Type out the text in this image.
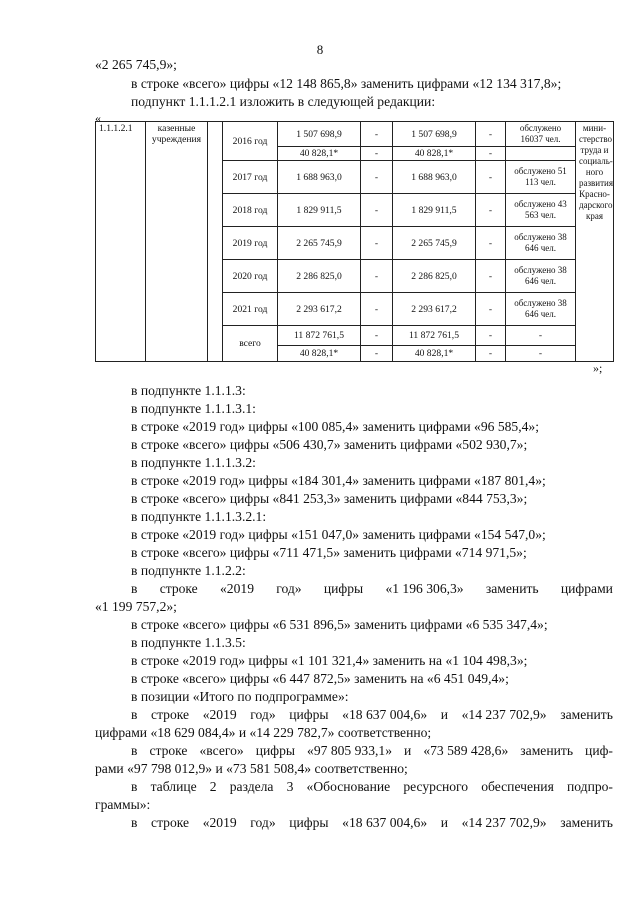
8
«2 265 745,9»;
в строке «всего» цифры «12 148 865,8» заменить цифрами «12 134 317,8»;
подпункт 1.1.1.2.1 изложить в следующей редакции:
«
1.1.1.2.1	казенные учреждения		2016 год	1 507 698,9	-	1 507 698,9	-	обслужено 16037 чел.	мини-стерство труда и социаль-ного развития Красно-дарского края
				40 828,1*	-	40 828,1*	-		
			2017 год	1 688 963,0	-	1 688 963,0	-	обслужено 51 113 чел.	
			2018 год	1 829 911,5	-	1 829 911,5	-	обслужено 43 563 чел.	
			2019 год	2 265 745,9	-	2 265 745,9	-	обслужено 38 646 чел.	
			2020 год	2 286 825,0	-	2 286 825,0	-	обслужено 38 646 чел.	
			2021 год	2 293 617,2	-	2 293 617,2	-	обслужено 38 646 чел.	
			всего	11 872 761,5	-	11 872 761,5	-	-	
				40 828,1*	-	40 828,1*	-	-	
»;
в подпункте 1.1.1.3:
в подпункте 1.1.1.3.1:
в строке «2019 год» цифры «100 085,4» заменить цифрами «96 585,4»;
в строке «всего» цифры «506 430,7» заменить цифрами «502 930,7»;
в подпункте 1.1.1.3.2:
в строке «2019 год» цифры «184 301,4» заменить цифрами «187 801,4»;
в строке «всего» цифры «841 253,3» заменить цифрами «844 753,3»;
в подпункте 1.1.1.3.2.1:
в строке «2019 год» цифры «151 047,0» заменить цифрами «154 547,0»;
в строке «всего» цифры «711 471,5» заменить цифрами «714 971,5»;
в подпункте 1.1.2.2:
в строке «2019 год» цифры «1 196 306,3» заменить цифрами
«1 199 757,2»;
в строке «всего» цифры «6 531 896,5» заменить цифрами «6 535 347,4»;
в подпункте 1.1.3.5:
в строке «2019 год» цифры «1 101 321,4» заменить на «1 104 498,3»;
в строке «всего» цифры «6 447 872,5» заменить на «6 451 049,4»;
в позиции «Итого по подпрограмме»:
в строке «2019 год» цифры «18 637 004,6» и «14 237 702,9» заменить
цифрами «18 629 084,4» и «14 229 782,7» соответственно;
в строке «всего» цифры «97 805 933,1» и «73 589 428,6» заменить циф-
рами «97 798 012,9» и «73 581 508,4» соответственно;
в таблице 2 раздела 3 «Обоснование ресурсного обеспечения подпро-
граммы»:
в строке «2019 год» цифры «18 637 004,6» и «14 237 702,9» заменить
